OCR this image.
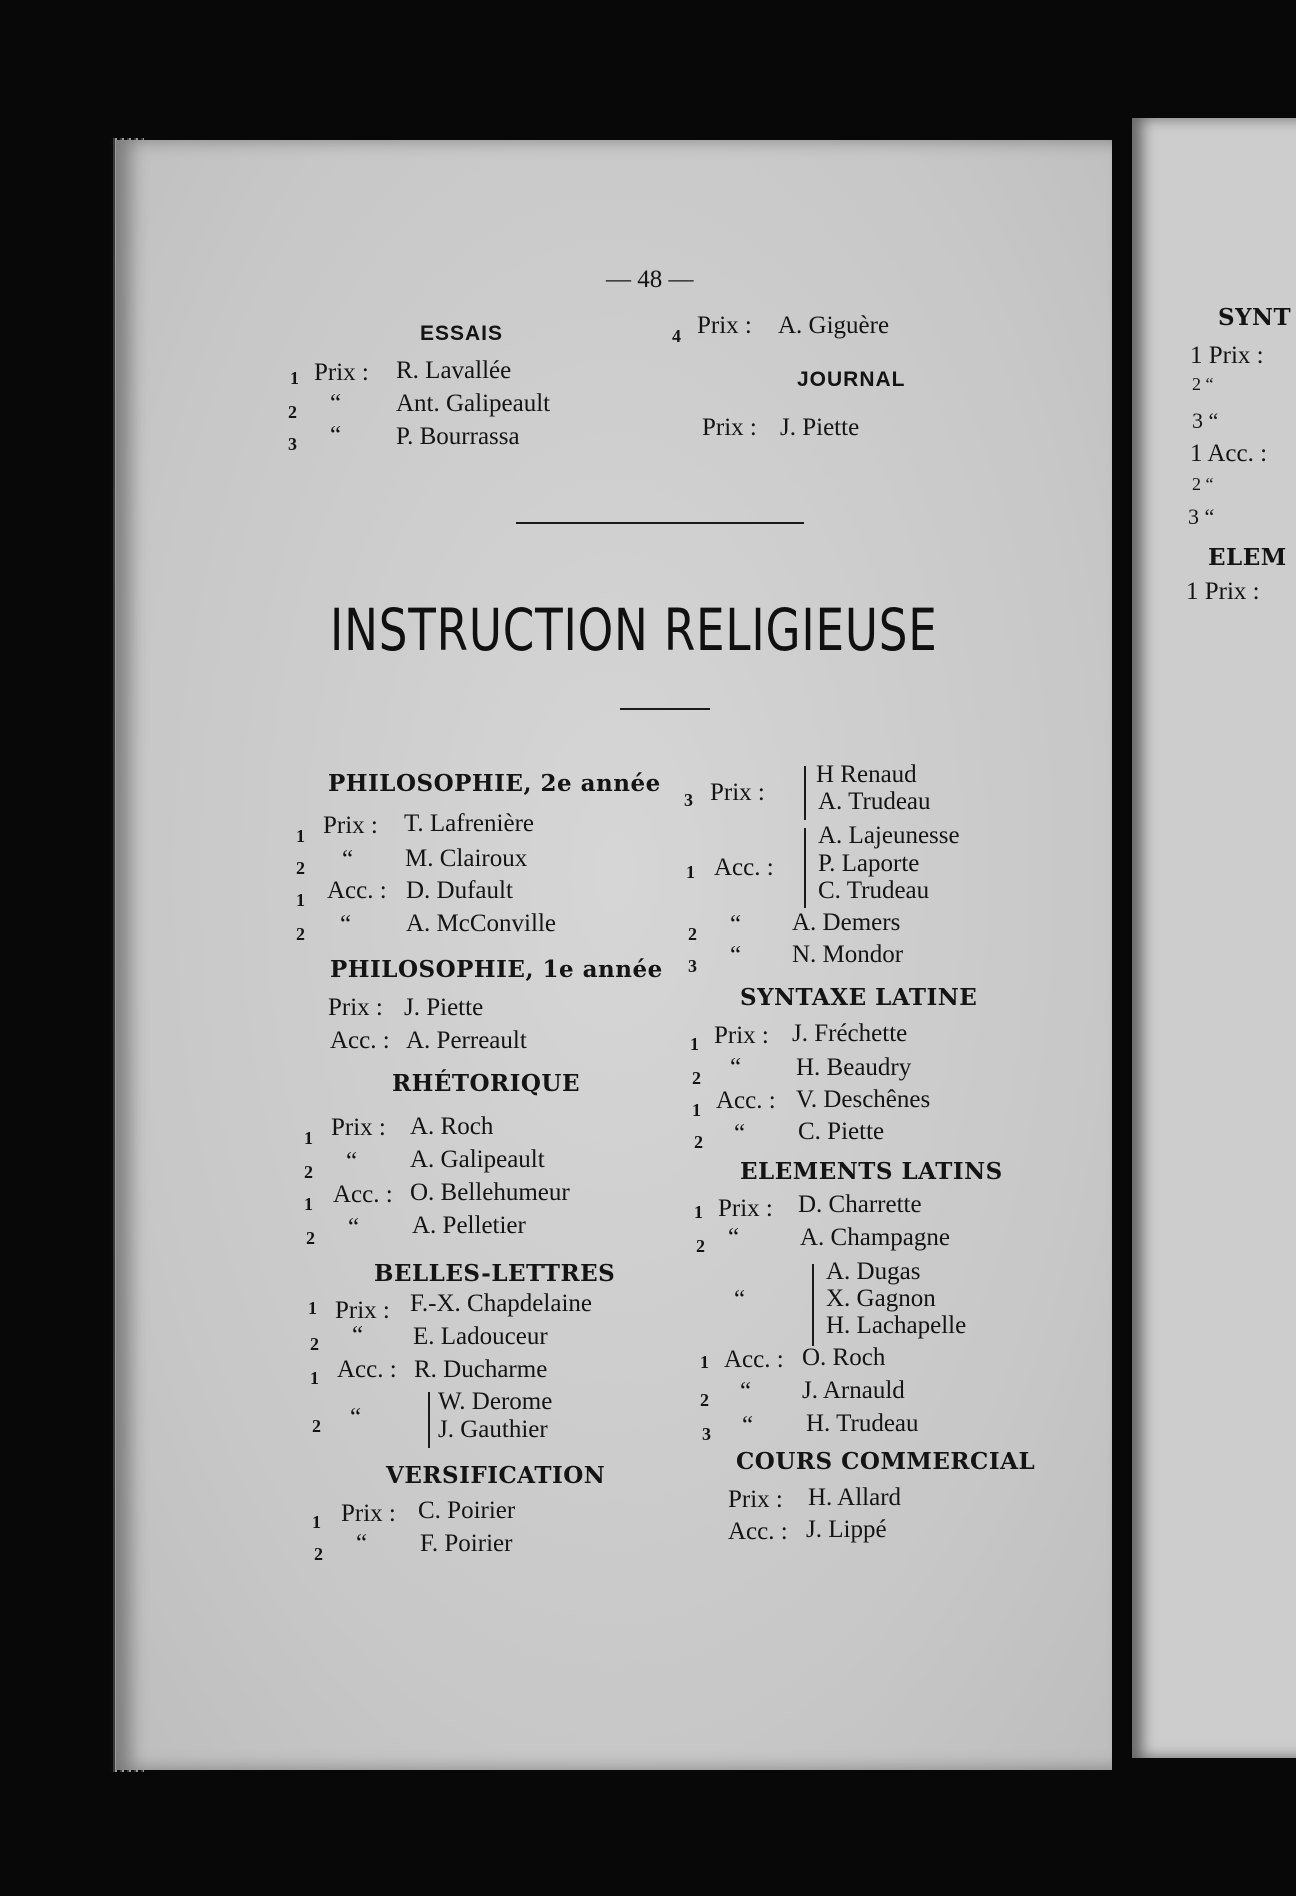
SYNT
1 Prix :
2 “
3 “
1 Acc. :
2 “
3 “
ELEM
1 Prix :
— 48 —
ESSAIS
1 Prix : R. Lavallée
2 “ Ant. Galipeault
3 “ P. Bourrassa
4 Prix : A. Giguère
JOURNAL
Prix : J. Piette
INSTRUCTION RELIGIEUSE
PHILOSOPHIE, 2e année
1 Prix : T. Lafrenière
2 “ M. Clairoux
1 Acc. : D. Dufault
2 “ A. McConville
PHILOSOPHIE, 1e année
Prix : J. Piette
Acc. : A. Perreault
RHÉTORIQUE
1 Prix : A. Roch
2 “ A. Galipeault
1 Acc. : O. Bellehumeur
2 “ A. Pelletier
BELLES-LETTRES
1 Prix : F.-X. Chapdelaine
2 “ E. Ladouceur
1 Acc. : R. Ducharme
2 “
W. Derome
J. Gauthier
VERSIFICATION
1 Prix : C. Poirier
2 “ F. Poirier
3 Prix :
H Renaud
A. Trudeau
1 Acc. :
A. Lajeunesse
P. Laporte
C. Trudeau
2 “ A. Demers
3 “ N. Mondor
SYNTAXE LATINE
1 Prix : J. Fréchette
2 “ H. Beaudry
1 Acc. : V. Deschênes
2 “ C. Piette
ELEMENTS LATINS
1 Prix : D. Charrette
2 “ A. Champagne
“
A. Dugas
X. Gagnon
H. Lachapelle
1 Acc. : O. Roch
2 “ J. Arnauld
3 “ H. Trudeau
COURS COMMERCIAL
Prix : H. Allard
Acc. : J. Lippé
